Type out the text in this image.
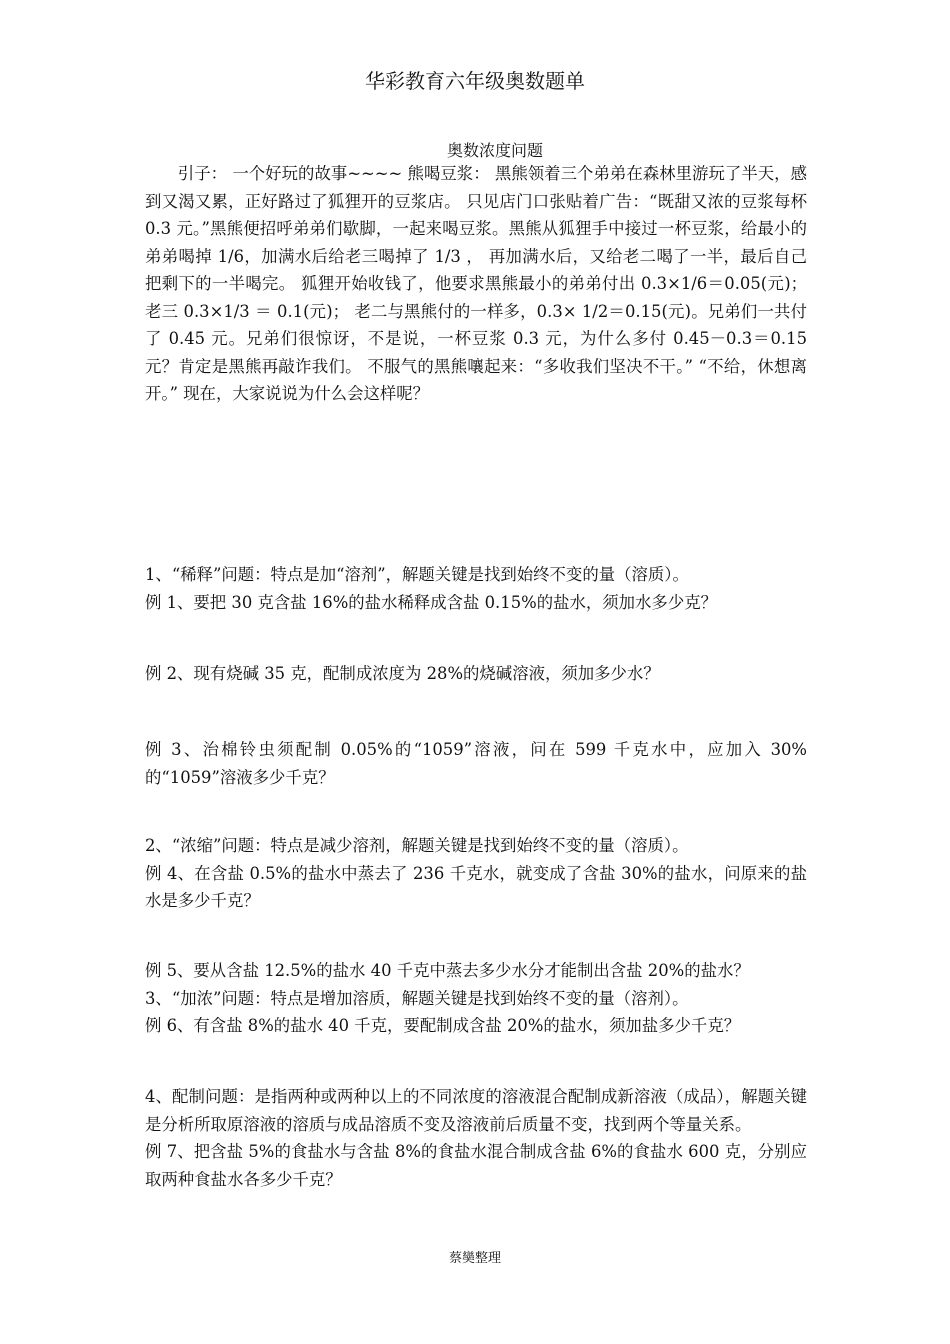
华彩教育六年级奥数题单
奥数浓度问题
引子： 一个好玩的故事~~~~ 熊喝豆浆： 黑熊领着三个弟弟在森林里游玩了半天，感到又渴又累，正好路过了狐狸开的豆浆店。 只见店门口张贴着广告：“既甜又浓的豆浆每杯 0.3 元。”黑熊便招呼弟弟们歇脚，一起来喝豆浆。黑熊从狐狸手中接过一杯豆浆，给最小的弟弟喝掉 1/6，加满水后给老三喝掉了 1/3 ， 再加满水后，又给老二喝了一半，最后自己把剩下的一半喝完。 狐狸开始收钱了，他要求黑熊最小的弟弟付出 0.3×1/6＝0.05(元)；老三 0.3×1/3 ＝ 0.1(元)； 老二与黑熊付的一样多，0.3× 1/2＝0.15(元)。兄弟们一共付了 0.45 元。兄弟们很惊讶，不是说，一杯豆浆 0.3 元，为什么多付 0.45－0.3＝0.15 元？肯定是黑熊再敲诈我们。 不服气的黑熊嚷起来：“多收我们坚决不干。” “不给，休想离开。” 现在，大家说说为什么会这样呢？

1、“稀释”问题：特点是加“溶剂”，解题关键是找到始终不变的量（溶质）。

例 1、要把 30 克含盐 16%的盐水稀释成含盐 0.15%的盐水，须加水多少克？

例 2、现有烧碱 35 克，配制成浓度为 28%的烧碱溶液，须加多少水？

例 3、治棉铃虫须配制 0.05%的“1059”溶液，问在 599 千克水中，应加入 30%的“1059”溶液多少千克？

2、“浓缩”问题：特点是减少溶剂，解题关键是找到始终不变的量（溶质）。

例 4、在含盐 0.5%的盐水中蒸去了 236 千克水，就变成了含盐 30%的盐水，问原来的盐水是多少千克？

例 5、要从含盐 12.5%的盐水 40 千克中蒸去多少水分才能制出含盐 20%的盐水？

3、“加浓”问题：特点是增加溶质，解题关键是找到始终不变的量（溶剂）。

例 6、有含盐 8%的盐水 40 千克，要配制成含盐 20%的盐水，须加盐多少千克？

4、配制问题：是指两种或两种以上的不同浓度的溶液混合配制成新溶液（成品），解题关键是分析所取原溶液的溶质与成品溶质不变及溶液前后质量不变，找到两个等量关系。

例 7、把含盐 5%的食盐水与含盐 8%的食盐水混合制成含盐 6%的食盐水 600 克，分别应取两种食盐水各多少千克？

蔡奱整理
